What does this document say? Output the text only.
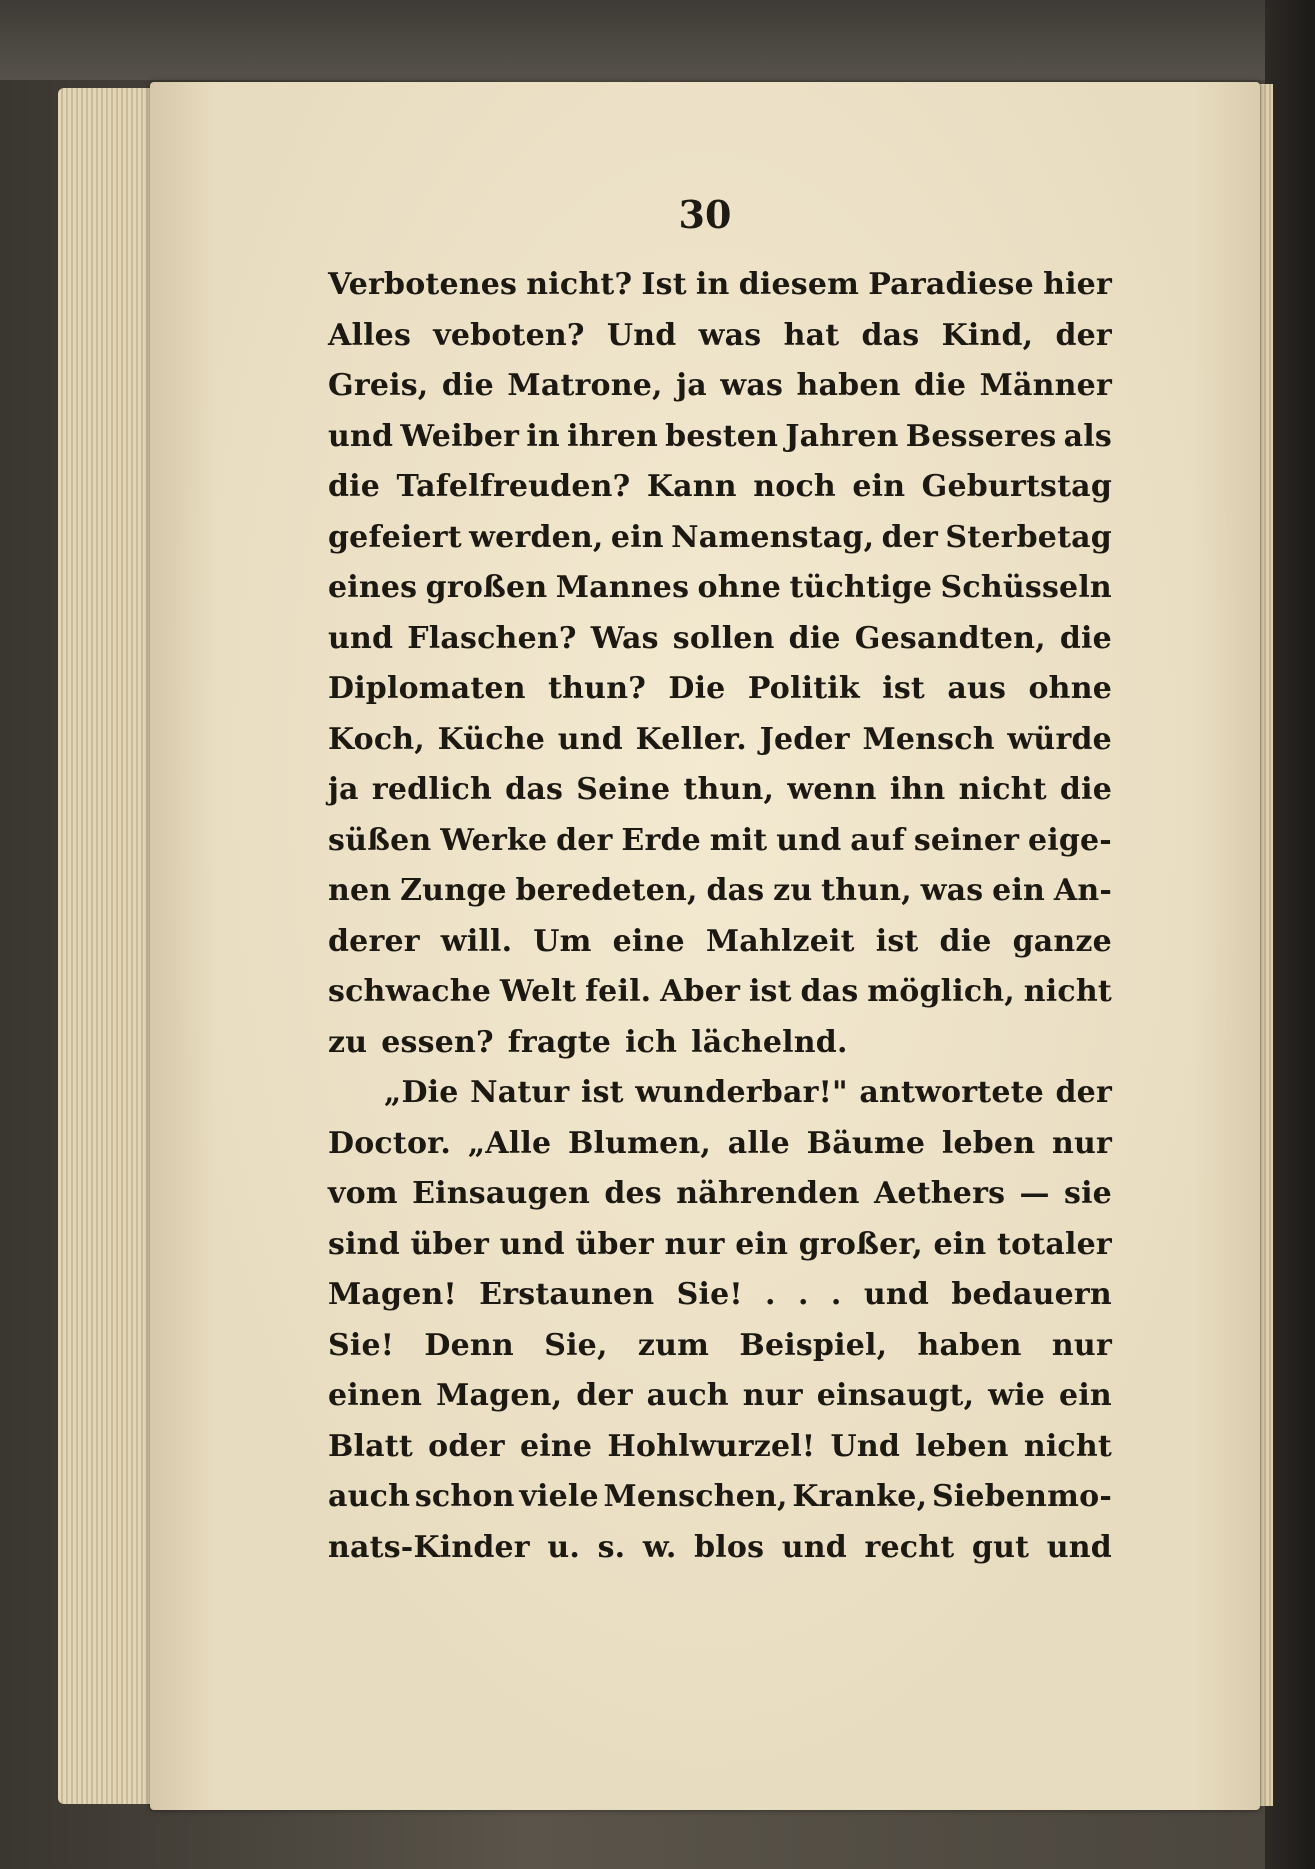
30
Verbotenes nicht? Ist in diesem Paradiese hier
Alles veboten? Und was hat das Kind, der
Greis, die Matrone, ja was haben die Männer
und Weiber in ihren besten Jahren Besseres als
die Tafelfreuden? Kann noch ein Geburtstag
gefeiert werden, ein Namenstag, der Sterbetag
eines großen Mannes ohne tüchtige Schüsseln
und Flaschen? Was sollen die Gesandten, die
Diplomaten thun? Die Politik ist aus ohne
Koch, Küche und Keller. Jeder Mensch würde
ja redlich das Seine thun, wenn ihn nicht die
süßen Werke der Erde mit und auf seiner eige-
nen Zunge beredeten, das zu thun, was ein An-
derer will. Um eine Mahlzeit ist die ganze
schwache Welt feil. Aber ist das möglich, nicht
zu essen? fragte ich lächelnd.
„Die Natur ist wunderbar!" antwortete der
Doctor. „Alle Blumen, alle Bäume leben nur
vom Einsaugen des nährenden Aethers — sie
sind über und über nur ein großer, ein totaler
Magen! Erstaunen Sie! . . . und bedauern
Sie! Denn Sie, zum Beispiel, haben nur
einen Magen, der auch nur einsaugt, wie ein
Blatt oder eine Hohlwurzel! Und leben nicht
auch schon viele Menschen, Kranke, Siebenmo-
nats-Kinder u. s. w. blos und recht gut und
